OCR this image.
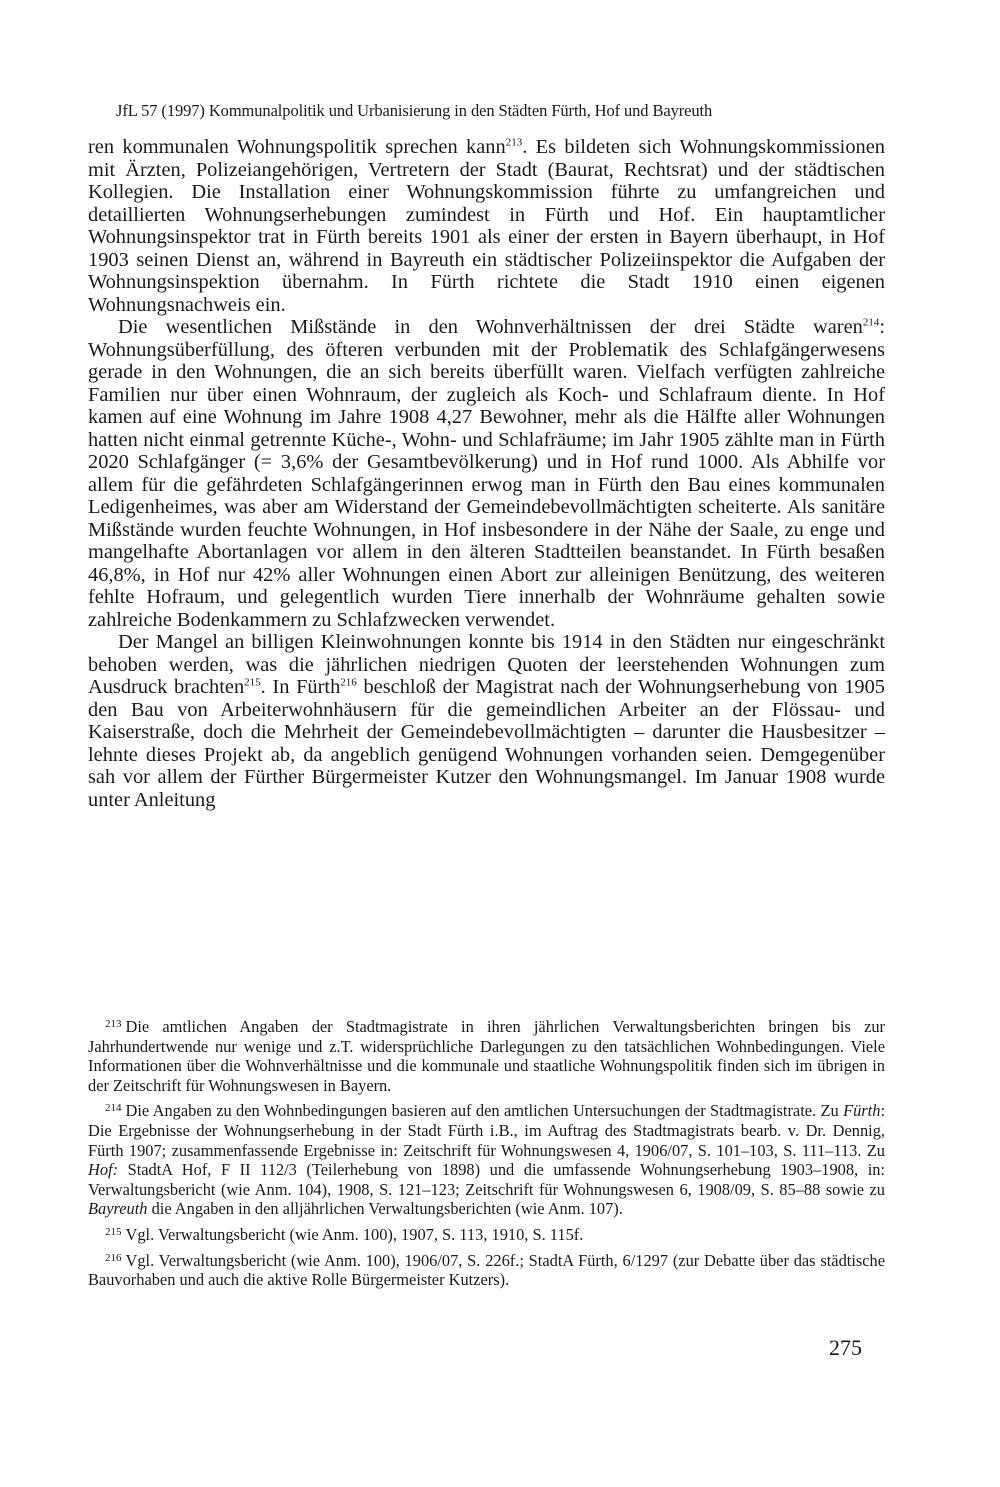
JfL 57 (1997) Kommunalpolitik und Urbanisierung in den Städten Fürth, Hof und Bayreuth

ren kommunalen Wohnungspolitik sprechen kann$^{213}$. Es bildeten sich Wohnungskommissionen mit Ärzten, Polizeiangehörigen, Vertretern der Stadt (Baurat, Rechtsrat) und der städtischen Kollegien. Die Installation einer Wohnungskommission führte zu umfangreichen und detaillierten Wohnungserhebungen zumindest in Fürth und Hof. Ein hauptamtlicher Wohnungsinspektor trat in Fürth bereits 1901 als einer der ersten in Bayern überhaupt, in Hof 1903 seinen Dienst an, während in Bayreuth ein städtischer Polizeiinspektor die Aufgaben der Wohnungsinspektion übernahm. In Fürth richtete die Stadt 1910 einen eigenen Wohnungsnachweis ein.

Die wesentlichen Mißstände in den Wohnverhältnissen der drei Städte waren$^{214}$: Wohnungsüberfüllung, des öfteren verbunden mit der Problematik des Schlafgängerwesens gerade in den Wohnungen, die an sich bereits überfüllt waren. Vielfach verfügten zahlreiche Familien nur über einen Wohnraum, der zugleich als Koch- und Schlafraum diente. In Hof kamen auf eine Wohnung im Jahre 1908 4,27 Bewohner, mehr als die Hälfte aller Wohnungen hatten nicht einmal getrennte Küche-, Wohn- und Schlafräume; im Jahr 1905 zählte man in Fürth 2020 Schlafgänger (= 3,6% der Gesamtbevölkerung) und in Hof rund 1000. Als Abhilfe vor allem für die gefährdeten Schlafgängerinnen erwog man in Fürth den Bau eines kommunalen Ledigenheimes, was aber am Widerstand der Gemeindebevollmächtigten scheiterte. Als sanitäre Mißstände wurden feuchte Wohnungen, in Hof insbesondere in der Nähe der Saale, zu enge und mangelhafte Abortanlagen vor allem in den älteren Stadtteilen beanstandet. In Fürth besaßen 46,8%, in Hof nur 42% aller Wohnungen einen Abort zur alleinigen Benützung, des weiteren fehlte Hofraum, und gelegentlich wurden Tiere innerhalb der Wohnräume gehalten sowie zahlreiche Bodenkammern zu Schlafzwecken verwendet.

Der Mangel an billigen Kleinwohnungen konnte bis 1914 in den Städten nur eingeschränkt behoben werden, was die jährlichen niedrigen Quoten der leerstehenden Wohnungen zum Ausdruck brachten$^{215}$. In Fürth$^{216}$ beschloß der Magistrat nach der Wohnungserhebung von 1905 den Bau von Arbeiterwohnhäusern für die gemeindlichen Arbeiter an der Flössau- und Kaiserstraße, doch die Mehrheit der Gemeindebevollmächtigten – darunter die Hausbesitzer – lehnte dieses Projekt ab, da angeblich genügend Wohnungen vorhanden seien. Demgegenüber sah vor allem der Fürther Bürgermeister Kutzer den Wohnungsmangel. Im Januar 1908 wurde unter Anleitung

$^{213}$ Die amtlichen Angaben der Stadtmagistrate in ihren jährlichen Verwaltungsberichten bringen bis zur Jahrhundertwende nur wenige und z.T. widersprüchliche Darlegungen zu den tatsächlichen Wohnbedingungen. Viele Informationen über die Wohnverhältnisse und die kommunale und staatliche Wohnungspolitik finden sich im übrigen in der Zeitschrift für Wohnungswesen in Bayern.

$^{214}$ Die Angaben zu den Wohnbedingungen basieren auf den amtlichen Untersuchungen der Stadtmagistrate. Zu Fürth: Die Ergebnisse der Wohnungserhebung in der Stadt Fürth i.B., im Auftrag des Stadtmagistrats bearb. v. Dr. Dennig, Fürth 1907; zusammenfassende Ergebnisse in: Zeitschrift für Wohnungswesen 4, 1906/07, S. 101–103, S. 111–113. Zu Hof: StadtA Hof, F II 112/3 (Teilerhebung von 1898) und die umfassende Wohnungserhebung 1903–1908, in: Verwaltungsbericht (wie Anm. 104), 1908, S. 121–123; Zeitschrift für Wohnungswesen 6, 1908/09, S. 85–88 sowie zu Bayreuth die Angaben in den alljährlichen Verwaltungsberichten (wie Anm. 107).

$^{215}$ Vgl. Verwaltungsbericht (wie Anm. 100), 1907, S. 113, 1910, S. 115f.

$^{216}$ Vgl. Verwaltungsbericht (wie Anm. 100), 1906/07, S. 226f.; StadtA Fürth, 6/1297 (zur Debatte über das städtische Bauvorhaben und auch die aktive Rolle Bürgermeister Kutzers).

275
